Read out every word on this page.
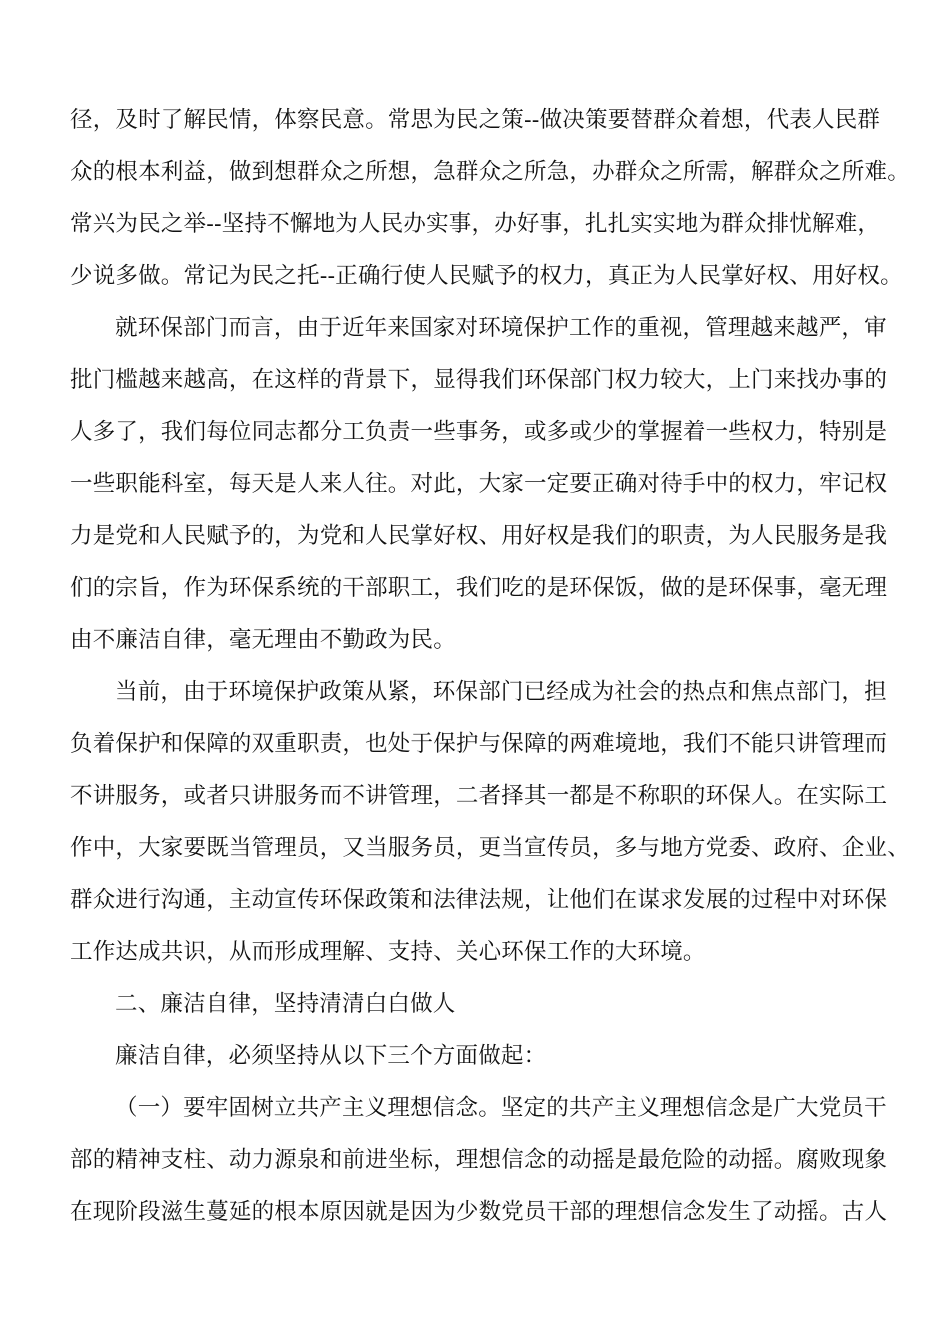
径，及时了解民情，体察民意。常思为民之策--做决策要替群众着想，代表人民群
众的根本利益，做到想群众之所想，急群众之所急，办群众之所需，解群众之所难。
常兴为民之举--坚持不懈地为人民办实事，办好事，扎扎实实地为群众排忧解难，
少说多做。常记为民之托--正确行使人民赋予的权力，真正为人民掌好权、用好权。
就环保部门而言，由于近年来国家对环境保护工作的重视，管理越来越严，审
批门槛越来越高，在这样的背景下，显得我们环保部门权力较大，上门来找办事的
人多了，我们每位同志都分工负责一些事务，或多或少的掌握着一些权力，特别是
一些职能科室，每天是人来人往。对此，大家一定要正确对待手中的权力，牢记权
力是党和人民赋予的，为党和人民掌好权、用好权是我们的职责，为人民服务是我
们的宗旨，作为环保系统的干部职工，我们吃的是环保饭，做的是环保事，毫无理
由不廉洁自律，毫无理由不勤政为民。
当前，由于环境保护政策从紧，环保部门已经成为社会的热点和焦点部门，担
负着保护和保障的双重职责，也处于保护与保障的两难境地，我们不能只讲管理而
不讲服务，或者只讲服务而不讲管理，二者择其一都是不称职的环保人。在实际工
作中，大家要既当管理员，又当服务员，更当宣传员，多与地方党委、政府、企业、
群众进行沟通，主动宣传环保政策和法律法规，让他们在谋求发展的过程中对环保
工作达成共识，从而形成理解、支持、关心环保工作的大环境。
二、廉洁自律，坚持清清白白做人
廉洁自律，必须坚持从以下三个方面做起：
（一）要牢固树立共产主义理想信念。坚定的共产主义理想信念是广大党员干
部的精神支柱、动力源泉和前进坐标，理想信念的动摇是最危险的动摇。腐败现象
在现阶段滋生蔓延的根本原因就是因为少数党员干部的理想信念发生了动摇。古人
